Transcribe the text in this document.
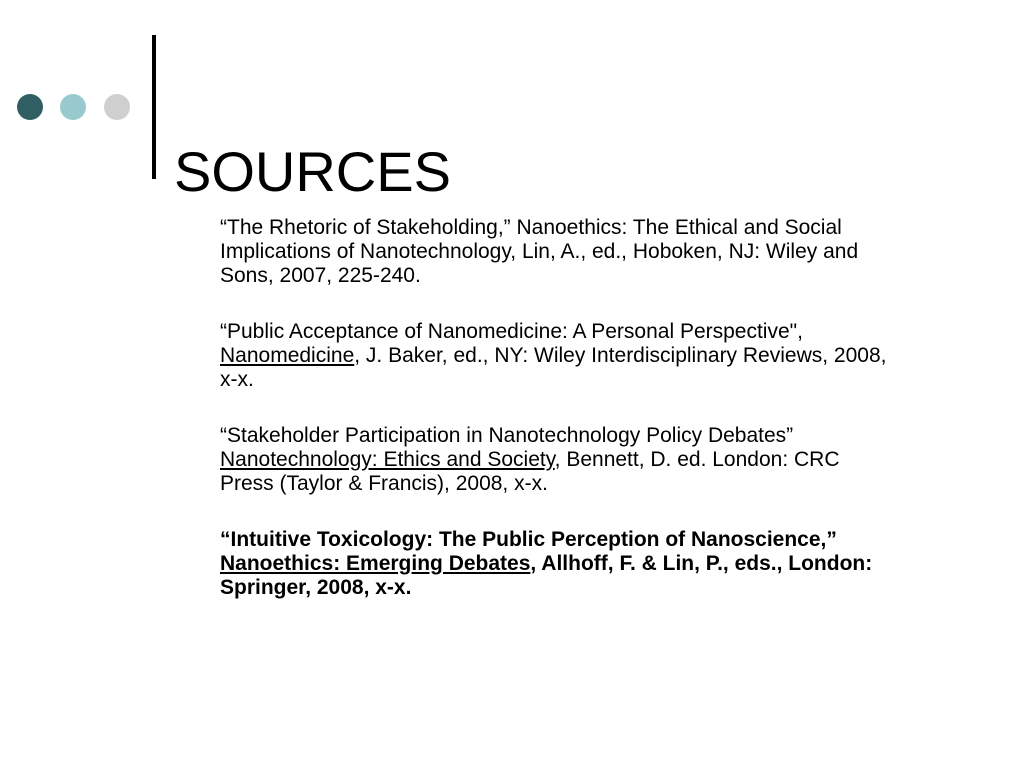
SOURCES

“The Rhetoric of Stakeholding,” Nanoethics: The Ethical and Social Implications of Nanotechnology, Lin, A., ed., Hoboken, NJ: Wiley and Sons, 2007, 225-240.

“Public Acceptance of Nanomedicine: A Personal Perspective", Nanomedicine, J. Baker, ed., NY: Wiley Interdisciplinary Reviews, 2008, x-x.

“Stakeholder Participation in Nanotechnology Policy Debates” Nanotechnology: Ethics and Society, Bennett, D. ed. London: CRC Press (Taylor & Francis), 2008, x-x.

“Intuitive Toxicology: The Public Perception of Nanoscience,” Nanoethics: Emerging Debates, Allhoff, F. & Lin, P., eds., London: Springer, 2008, x-x.
